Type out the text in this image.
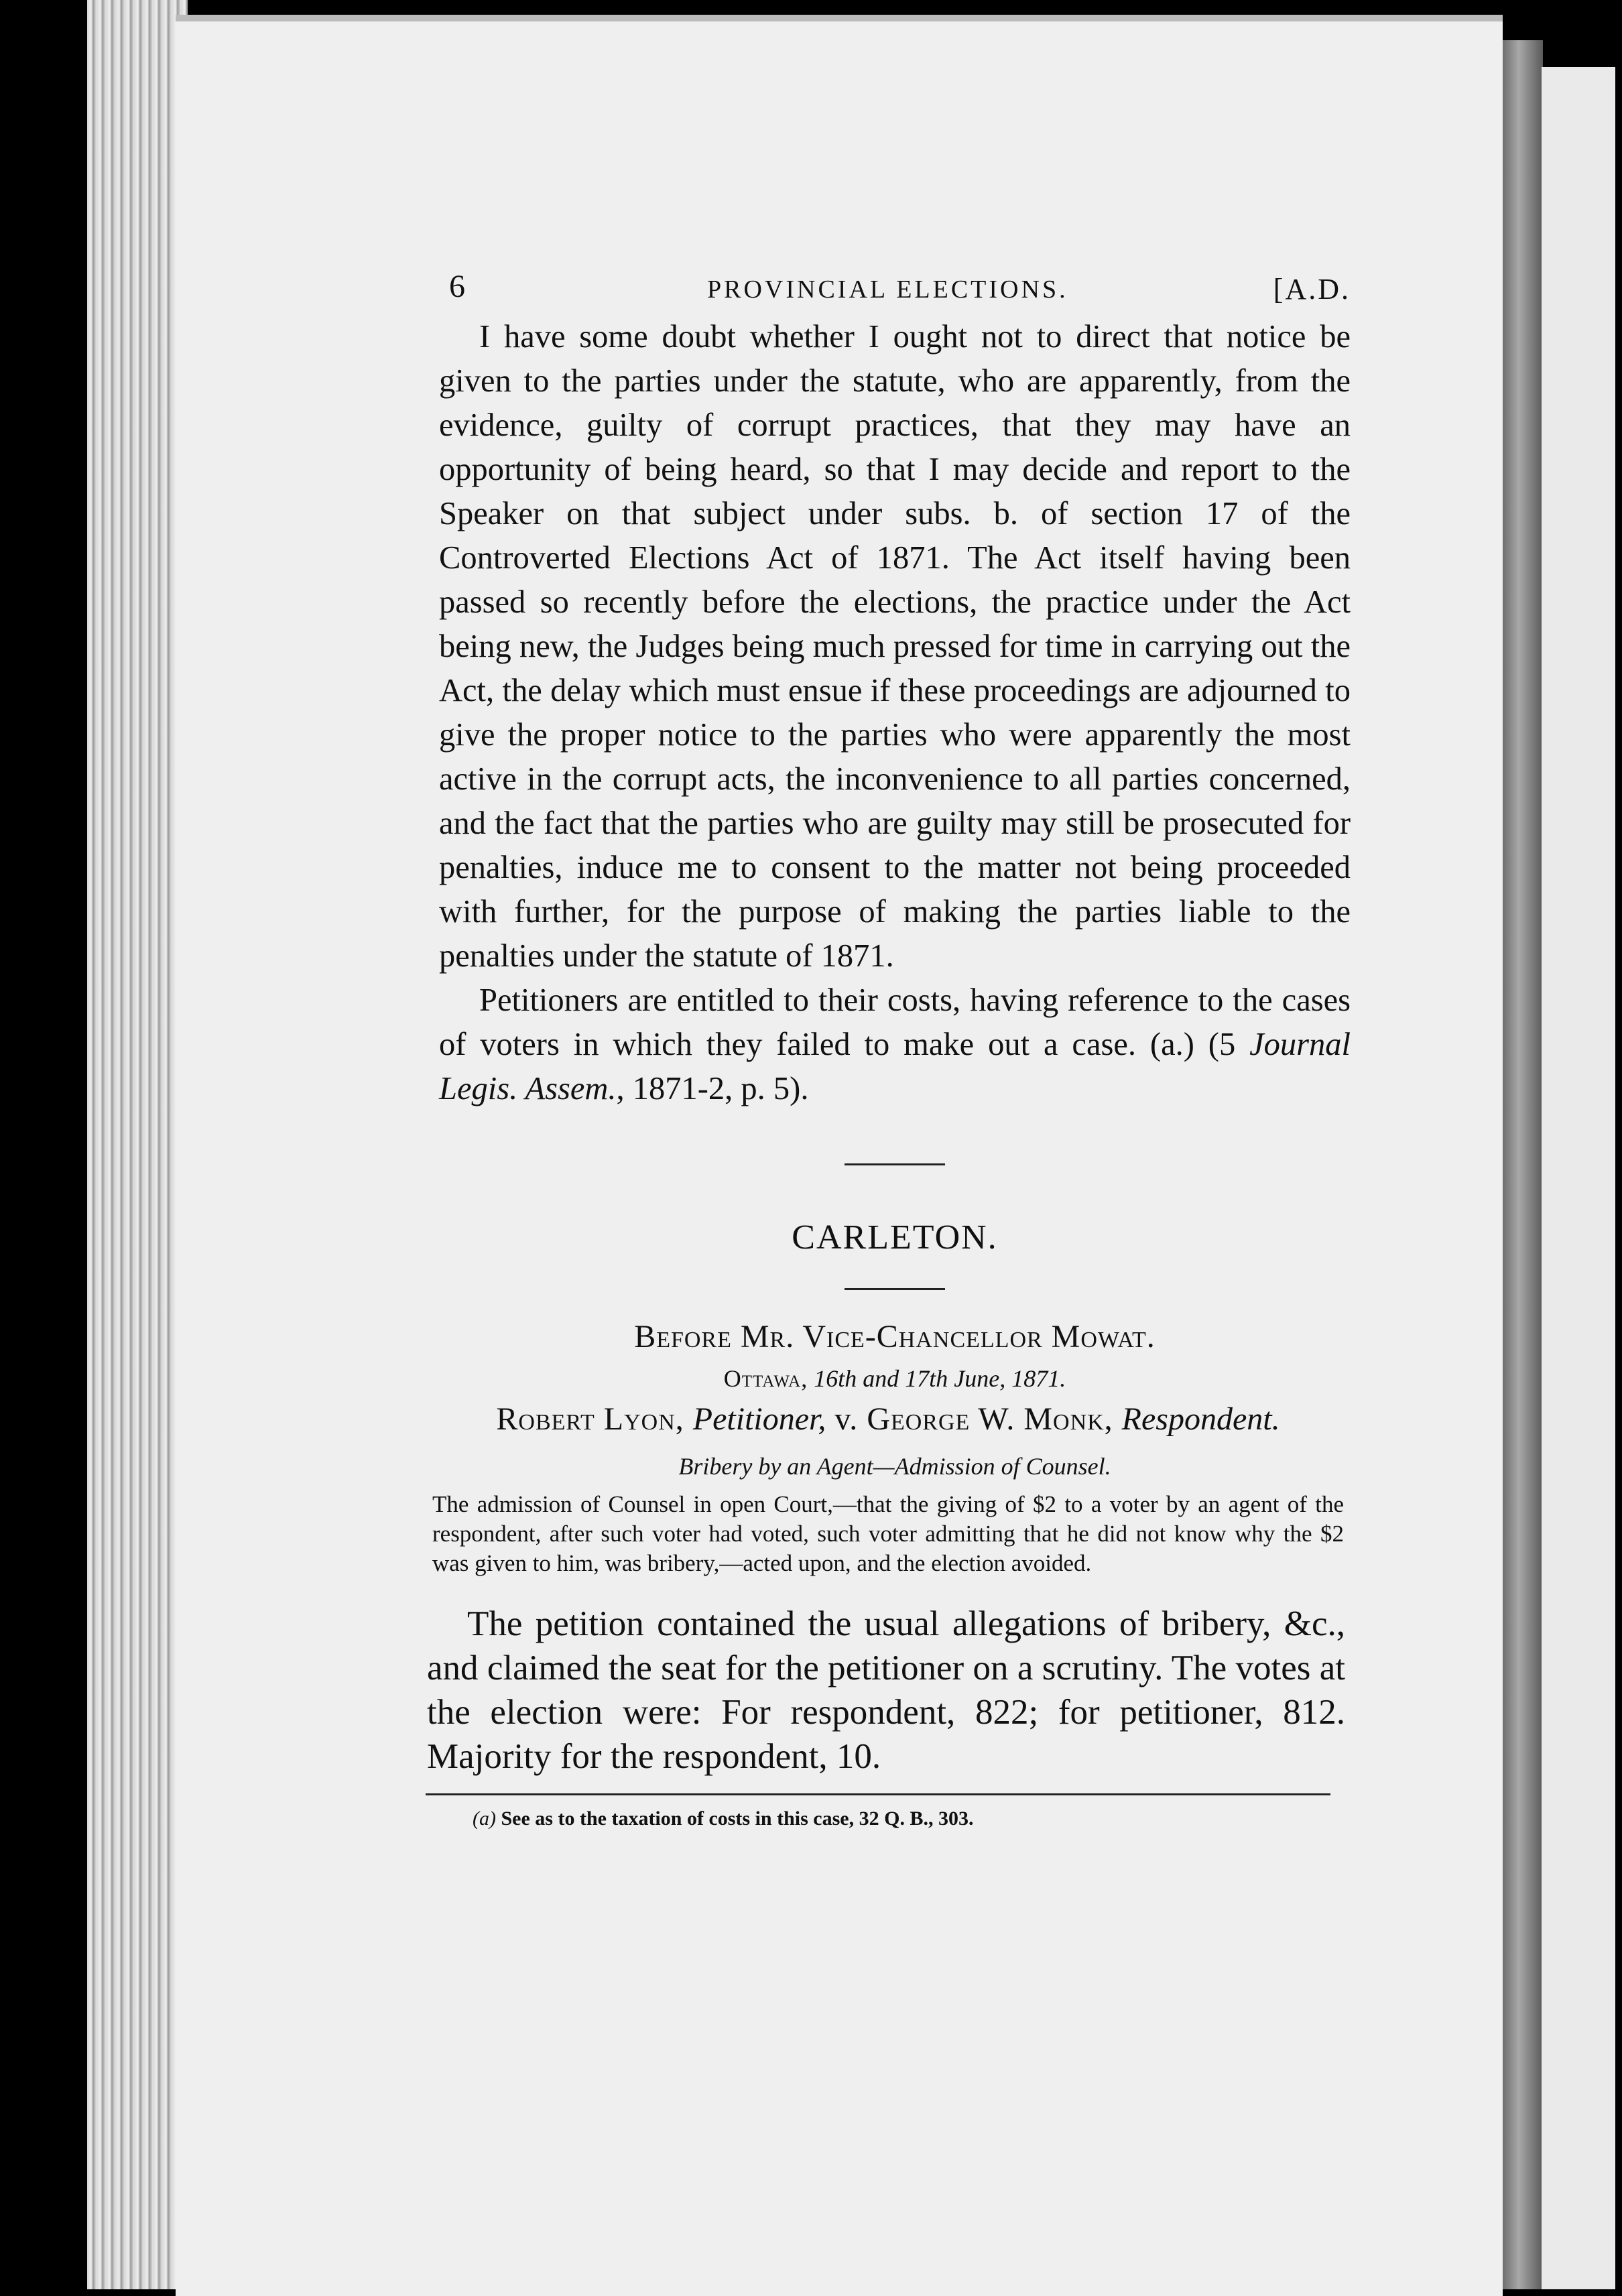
6	PROVINCIAL ELECTIONS.	[A.D.

I have some doubt whether I ought not to direct that notice be given to the parties under the statute, who are apparently, from the evidence, guilty of corrupt practices, that they may have an opportunity of being heard, so that I may decide and report to the Speaker on that subject under subs. b. of section 17 of the Controverted Elections Act of 1871. The Act itself having been passed so recently before the elections, the practice under the Act being new, the Judges being much pressed for time in carrying out the Act, the delay which must ensue if these proceedings are adjourned to give the proper notice to the parties who were apparently the most active in the corrupt acts, the inconvenience to all parties concerned, and the fact that the parties who are guilty may still be prosecuted for penalties, induce me to consent to the matter not being proceeded with further, for the purpose of making the parties liable to the penalties under the statute of 1871.

Petitioners are entitled to their costs, having reference to the cases of voters in which they failed to make out a case. (a.) (5 Journal Legis. Assem., 1871-2, p. 5).

CARLETON.
Before Mr. Vice-Chancellor Mowat.
Ottawa, 16th and 17th June, 1871.
Robert Lyon, Petitioner, v. George W. Monk, Respondent.
Bribery by an Agent—Admission of Counsel.

The admission of Counsel in open Court,—that the giving of $2 to a voter by an agent of the respondent, after such voter had voted, such voter admitting that he did not know why the $2 was given to him, was bribery,—acted upon, and the election avoided.

The petition contained the usual allegations of bribery, &c., and claimed the seat for the petitioner on a scrutiny. The votes at the election were: For respondent, 822; for petitioner, 812. Majority for the respondent, 10.

(a) See as to the taxation of costs in this case, 32 Q. B., 303.
